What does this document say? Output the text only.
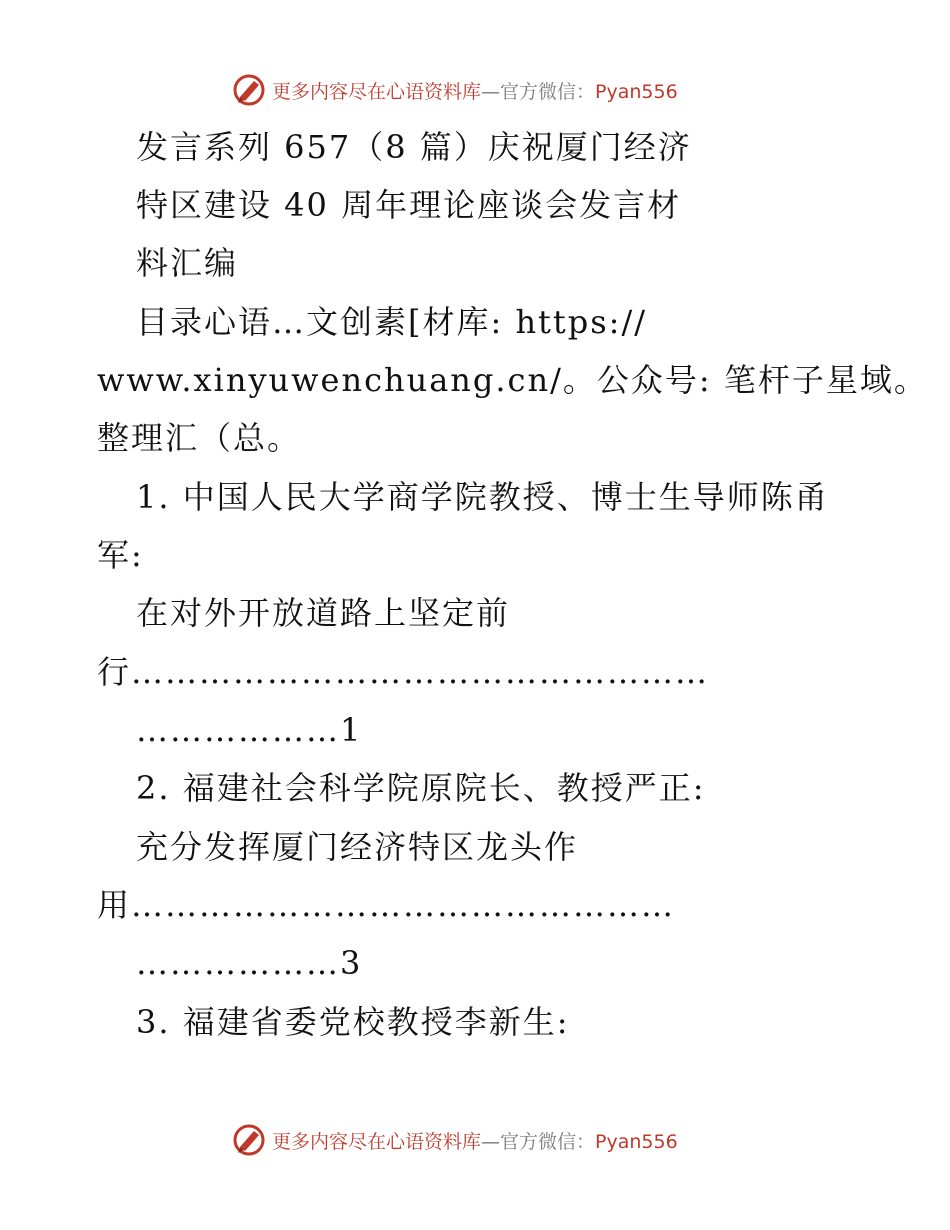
更多内容尽在心语资料库—官方微信：Pyan556
发言系列 657（8 篇）庆祝厦门经济
特区建设 40 周年理论座谈会发言材
料汇编
目录心语…文创素[材库: https://
www.xinyuwenchuang.cn/。公众号: 笔杆子星域。
整理汇（总。
1. 中国人民大学商学院教授、博士生导师陈甬
军:
在对外开放道路上坚定前
行……………………………………………
………………1
2. 福建社会科学院原院长、教授严正:
充分发挥厦门经济特区龙头作
用…………………………………………
………………3
3. 福建省委党校教授李新生:
更多内容尽在心语资料库—官方微信：Pyan556
